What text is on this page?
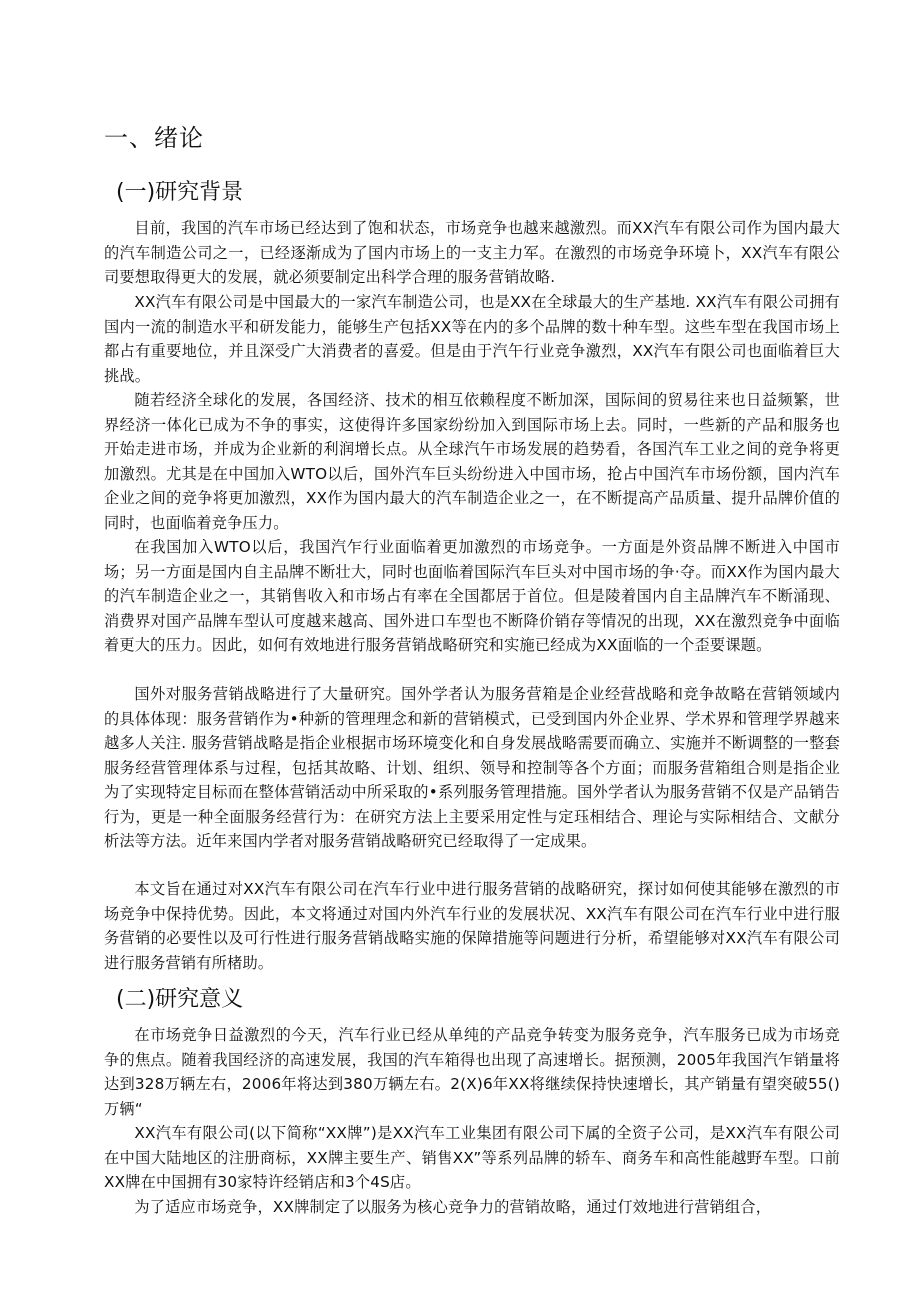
一、绪论
(一)研究背景

目前，我国的汽车市场已经达到了饱和状态，市场竞争也越来越激烈。而XX汽车有限公司作为国内最大的汽车制造公司之一，已经逐渐成为了国内市场上的一支主力军。在激烈的市场竞争环境卜，XX汽车有限公司要想取得更大的发展，就必须要制定出科学合理的服务营销故略.

XX汽车有限公司是中国最大的一家汽车制造公司，也是XX在全球最大的生产基地. XX汽车有限公司拥有国内一流的制造水平和研发能力，能够生产包括XX等在内的多个品牌的数十种车型。这些车型在我国市场上都占有重要地位，并且深受广大消费者的喜爱。但是由于汽午行业竞争激烈，XX汽车有限公司也面临着巨大挑战。

随若经济全球化的发展，各国经济、技术的相互依赖程度不断加深，国际间的贸易往来也日益频繁，世界经济一体化已成为不争的事实，这使得许多国家纷纷加入到国际市场上去。同时，一些新的产品和服务也开始走进市场，并成为企业新的利润增长点。从全球汽午市场发展的趋势看，各国汽车工业之间的竞争将更加激烈。尤其是在中国加入WTO以后，国外汽车巨头纷纷进入中国市场，抢占中国汽车市场份额，国内汽车企业之间的竞争将更加激烈，XX作为国内最大的汽车制造企业之一，在不断提高产品质量、提升品牌价值的同时，也面临着竞争压力。

在我国加入WTO以后，我国汽乍行业面临着更加激烈的市场竞争。一方面是外资品牌不断进入中国市场；另一方面是国内自主品牌不断壮大，同时也面临着国际汽车巨头对中国市场的争·夺。而XX作为国内最大的汽车制造企业之一，其销售收入和市场占有率在全国都居于首位。但是陵着国内自主品牌汽车不断涌现、消费界对国产品牌车型认可度越来越高、国外进口车型也不断降价销存等情况的出现，XX在激烈竞争中面临着更大的压力。因此，如何有效地进行服务营销战略研究和实施已经成为XX面临的一个歪要课题。

国外对服务营销战略进行了大量研究。国外学者认为服务营箱是企业经营战略和竞争故略在营销领域内的具体体现：服务营销作为•种新的管理理念和新的营销模式，已受到国内外企业界、学术界和管理学界越来越多人关注. 服务营销战略是指企业根据市场环境变化和自身发展战略需要而确立、实施并不断调整的一整套服务经营管理体系与过程，包括其故略、计划、组织、领导和控制等各个方面；而服务营箱组合则是指企业为了实现特定目标而在整体营销活动中所采取的•系列服务管理措施。国外学者认为服务营销不仅是产品销告行为，更是一种全面服务经营行为：在研究方法上主要采用定性与定珏相结合、理论与实际相结合、文献分析法等方法。近年来国内学者对服务营销战略研究已经取得了一定成果。

本文旨在通过对XX汽车有限公司在汽车行业中进行服务营销的战略研究，探讨如何使其能够在激烈的市场竞争中保持优势。因此，本文将通过对国内外汽车行业的发展状况、XX汽车有限公司在汽车行业中进行服务营销的必要性以及可行性进行服务营销战略实施的保障措施等问题进行分析，希望能够对XX汽车有限公司进行服务营销有所楮助。

(二)研究意义

在市场竞争日益激烈的今天，汽车行业已经从单纯的产品竞争转变为服务竞争，汽车服务已成为市场竞争的焦点。随着我国经济的高速发展，我国的汽车箱得也出现了高速增长。据预测，2005年我国汽乍销量将达到328万辆左右，2006年将达到380万辆左右。2(X)6年XX将继续保持快速增长，其产销量有望突破55()万辆“

XX汽车有限公司(以下简称“XX牌”)是XX汽车工业集团有限公司下属的全资子公司，是XX汽车有限公司在中国大陆地区的注册商标，XX牌主要生产、销售XX”等系列品牌的轿车、商务车和高性能越野车型。口前XX牌在中国拥有30家特许经销店和3个4S店。

为了适应市场竞争，XX牌制定了以服务为核心竞争力的营销故略，通过仃效地进行营销组合，
